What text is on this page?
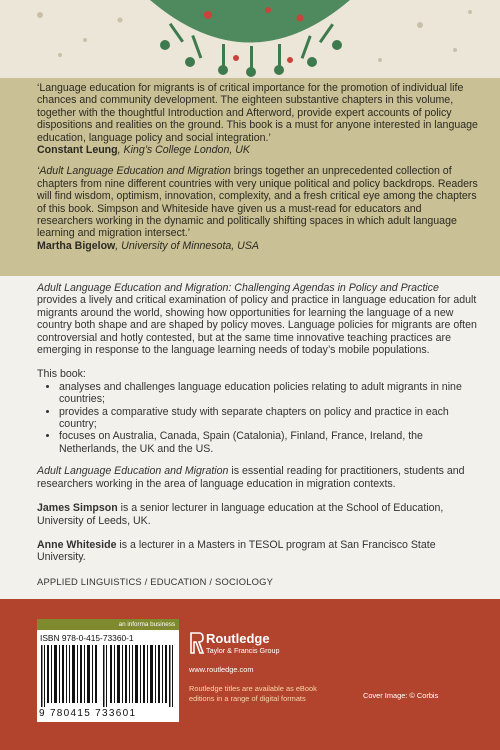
‘Language education for migrants is of critical importance for the promotion of individual life chances and community development. The eighteen substantive chapters in this volume, together with the thoughtful Introduction and Afterword, provide expert accounts of policy dispositions and realities on the ground. This book is a must for anyone interested in language education, language policy and social integration.’

Constant Leung, King’s College London, UK

‘Adult Language Education and Migration brings together an unprecedented collection of chapters from nine different countries with very unique political and policy backdrops. Readers will find wisdom, optimism, innovation, complexity, and a fresh critical eye among the chapters of this book. Simpson and Whiteside have given us a must-read for educators and researchers working in the dynamic and politically shifting spaces in which adult language learning and migration intersect.’

Martha Bigelow, University of Minnesota, USA

Adult Language Education and Migration: Challenging Agendas in Policy and Practice provides a lively and critical examination of policy and practice in language education for adult migrants around the world, showing how opportunities for learning the language of a new country both shape and are shaped by policy moves. Language policies for migrants are often controversial and hotly contested, but at the same time innovative teaching practices are emerging in response to the language learning needs of today’s mobile populations.

This book:
• analyses and challenges language education policies relating to adult migrants in nine countries;
• provides a comparative study with separate chapters on policy and practice in each country;
• focuses on Australia, Canada, Spain (Catalonia), Finland, France, Ireland, the Netherlands, the UK and the US.

Adult Language Education and Migration is essential reading for practitioners, students and researchers working in the area of language education in migration contexts.

James Simpson is a senior lecturer in language education at the School of Education, University of Leeds, UK.

Anne Whiteside is a lecturer in a Masters in TESOL program at San Francisco State University.

APPLIED LINGUISTICS / EDUCATION / SOCIOLOGY
an informa business
ISBN 978-0-415-73360-1
9 780415 733601
Routledge
Taylor & Francis Group
www.routledge.com
Routledge titles are available as eBook editions in a range of digital formats	Cover Image: © Corbis
